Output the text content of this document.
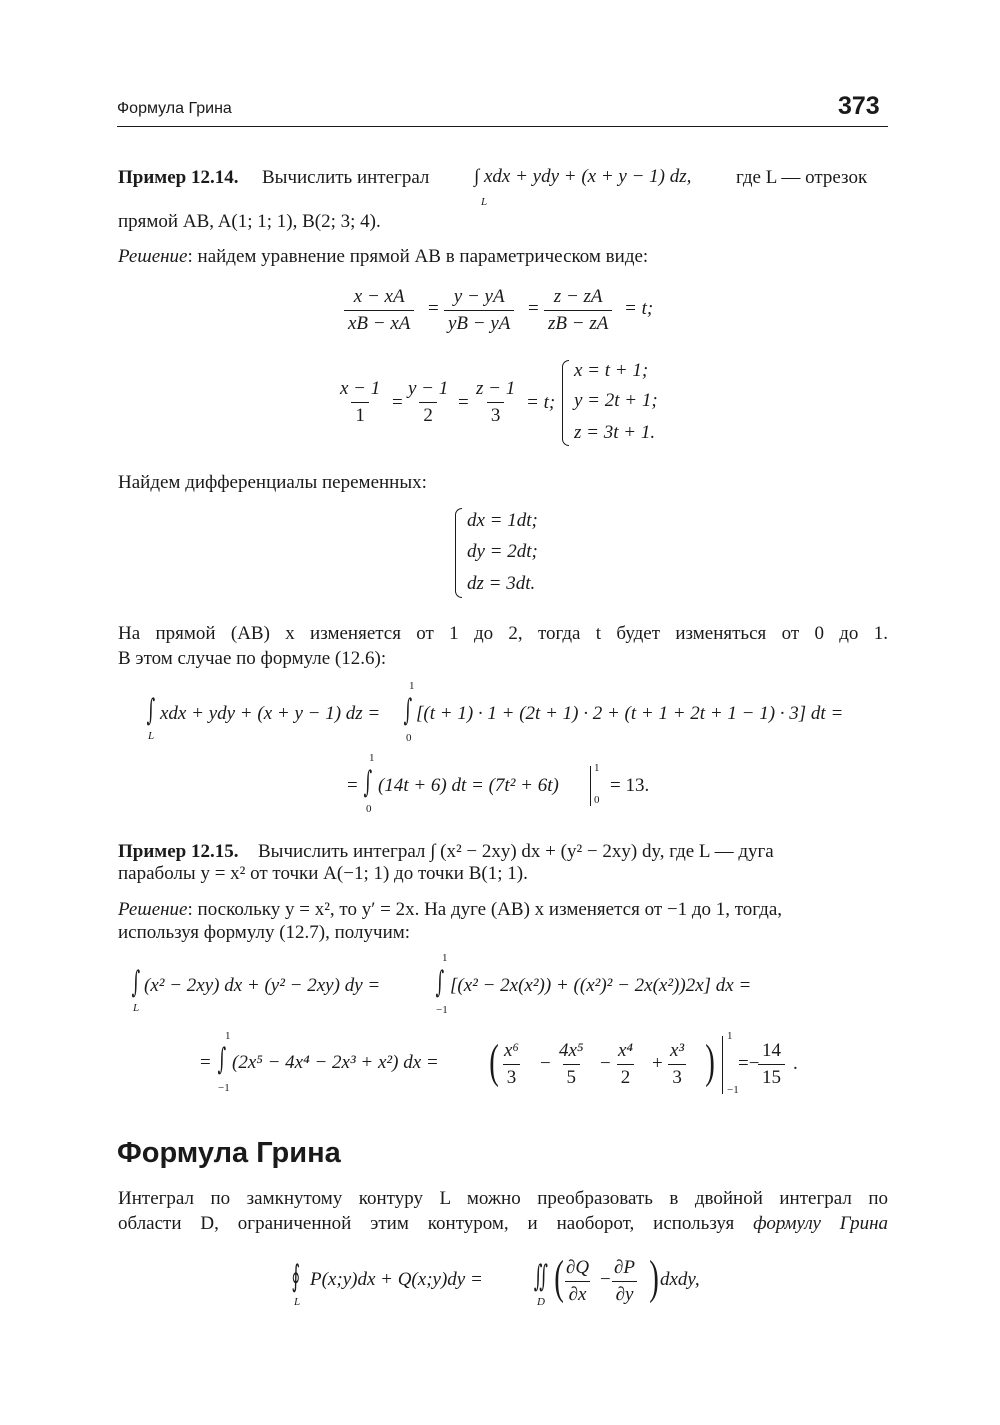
Формула Грина	373
Пример 12.14. Вычислить интеграл ∫ xdx + ydy + (x + y − 1) dz,
L
где L — отрезок
прямой AB, A(1; 1; 1), B(2; 3; 4).
Решение: найдем уравнение прямой AB в параметрическом виде:
$\frac{x - xA}{xB - xA} = \frac{y - yA}{yB - yA} = \frac{z - zA}{zB - zA} = t$;
$\frac{x - 1}{1} = \frac{y - 1}{2} = \frac{z - 1}{3} = t$;
x = t + 1;
y = 2t + 1;
z = 3t + 1.
Найдем дифференциалы переменных:
dx = 1dt;
dy = 2dt;
dz = 3dt.
На прямой (AB) x изменяется от 1 до 2, тогда t будет изменяться от 0 до 1.
В этом случае по формуле (12.6):
∫
L
xdx + ydy + (x + y − 1) dz = ∫
1
0
[(t + 1) · 1 + (2t + 1) · 2 + (t + 1 + 2t + 1 − 1) · 3] dt =
= ∫
1
0
(14t + 6) dt = (7t² + 6t)
1
0
= 13.
Пример 12.15. Вычислить интеграл ∫ (x² − 2xy) dx + (y² − 2xy) dy, где L — дуга
параболы y = x² от точки A(−1; 1) до точки B(1; 1).
Решение: поскольку y = x², то y′ = 2x. На дуге (AB) x изменяется от −1 до 1, тогда,
используя формулу (12.7), получим:
∫
L
(x² − 2xy) dx + (y² − 2xy) dy = ∫
1
−1
[(x² − 2x(x²)) + ((x²)² − 2x(x²))2x] dx =
= ∫
1
−1
(2x⁵ − 4x⁴ − 2x³ + x²) dx = ( $\frac{\text{x⁶}}{3} - \frac{\text{4x⁵}}{5} - \frac{\text{x⁴}}{2} + \frac{\text{x³}}{3}$ ) 1
−1
=−
$\frac{14}{15}$ .
Формула Грина
Интеграл по замкнутому контуру L можно преобразовать в двойной интеграл по
области D, ограниченной этим контуром, и наоборот, используя формулу Грина
∮
L
P(x;y)dx + Q(x;y)dy = ∬
D (
$\frac{\partial Q}{\partial x} - \frac{\partial P}{\partial y}$ ) dxdy,
